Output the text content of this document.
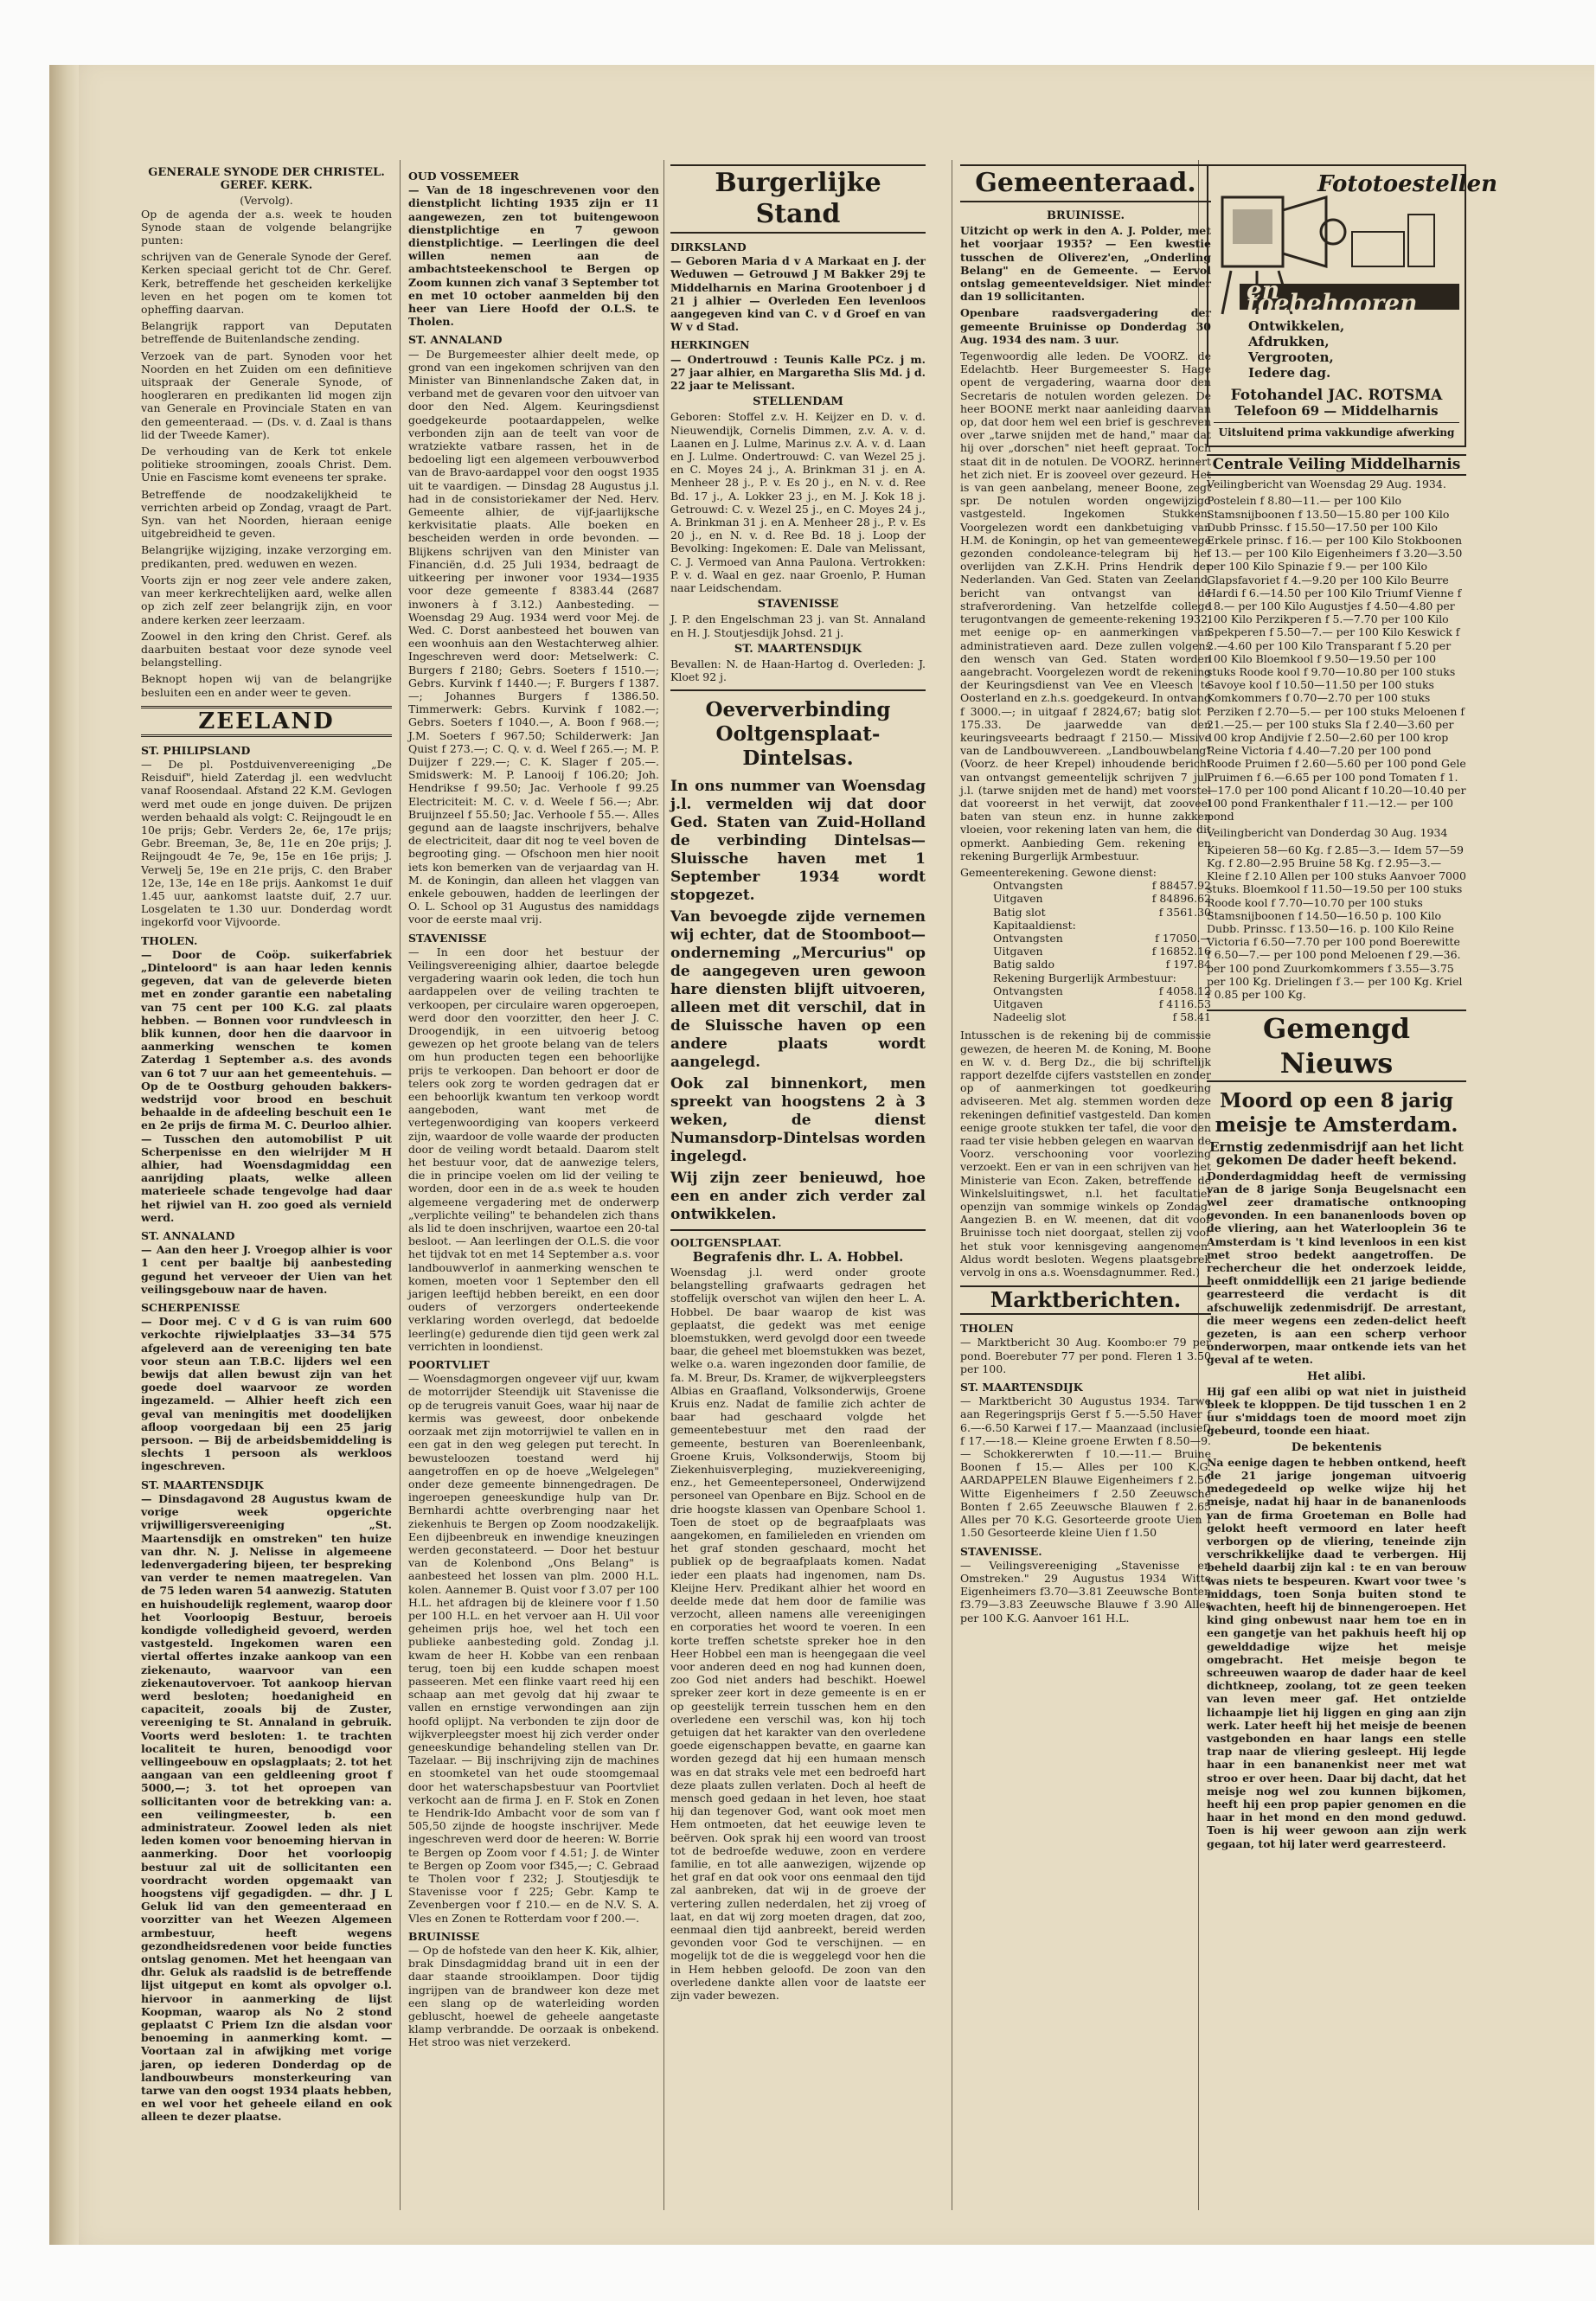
GENERALE SYNODE DER CHRISTEL. GEREF. KERK.
(Vervolg).

Op de agenda der a.s. week te houden Synode staan de volgende belangrijke punten:

schrijven van de Generale Synode der Geref. Kerken speciaal gericht tot de Chr. Geref. Kerk, betreffende het gescheiden kerkelijke leven en het pogen om te komen tot opheffing daarvan.

Belangrijk rapport van Deputaten betreffende de Buitenlandsche zending.

Verzoek van de part. Synoden voor het Noorden en het Zuiden om een definitieve uitspraak der Generale Synode, of hoogleraren en predikanten lid mogen zijn van Generale en Provinciale Staten en van den gemeenteraad. — (Ds. v. d. Zaal is thans lid der Tweede Kamer).

De verhouding van de Kerk tot enkele politieke stroomingen, zooals Christ. Dem. Unie en Fascisme komt eveneens ter sprake.

Betreffende de noodzakelijkheid te verrichten arbeid op Zondag, vraagt de Part. Syn. van het Noorden, hieraan eenige uitgebreidheid te geven.

Belangrijke wijziging, inzake verzorging em. predikanten, pred. weduwen en wezen.

Voorts zijn er nog zeer vele andere zaken, van meer kerkrechtelijken aard, welke allen op zich zelf zeer belangrijk zijn, en voor andere kerken zeer leerzaam.

Zoowel in den kring den Christ. Geref. als daarbuiten bestaat voor deze synode veel belangstelling.

Beknopt hopen wij van de belangrijke besluiten een en ander weer te geven.

ZEELAND
ST. PHILIPSLAND

— De pl. Postduivenvereeniging „De Reisduif", hield Zaterdag jl. een wedvlucht vanaf Roosendaal. Afstand 22 K.M. Gevlogen werd met oude en jonge duiven. De prijzen werden behaald als volgt: C. Reijngoudt le en 10e prijs; Gebr. Verders 2e, 6e, 17e prijs; Gebr. Breeman, 3e, 8e, 11e en 20e prijs; J. Reijngoudt 4e 7e, 9e, 15e en 16e prijs; J. Verwelj 5e, 19e en 21e prijs, C. den Braber 12e, 13e, 14e en 18e prijs. Aankomst 1e duif 1.45 uur, aankomst laatste duif, 2.7 uur. Losgelaten te 1.30 uur. Donderdag wordt ingekorfd voor Vijvoorde.

THOLEN.

— Door de Coöp. suikerfabriek „Dinteloord" is aan haar leden kennis gegeven, dat van de geleverde bieten met en zonder garantie een nabetaling van 75 cent per 100 K.G. zal plaats hebben. — Bonnen voor rundvleesch in blik kunnen, door hen die daarvoor in aanmerking wenschen te komen Zaterdag 1 September a.s. des avonds van 6 tot 7 uur aan het gemeentehuis. — Op de te Oostburg gehouden bakkers-wedstrijd voor brood en beschuit behaalde in de afdeeling beschuit een 1e en 2e prijs de firma M. C. Deurloo alhier. — Tusschen den automobilist P uit Scherpenisse en den wielrijder M H alhier, had Woensdagmiddag een aanrijding plaats, welke alleen materieele schade tengevolge had daar het rijwiel van H. zoo goed als vernield werd.

ST. ANNALAND

— Aan den heer J. Vroegop alhier is voor 1 cent per baaltje bij aanbesteding gegund het verveoer der Uien van het veilingsgebouw naar de haven.

SCHERPENISSE

— Door mej. C v d G is van ruim 600 verkochte rijwielplaatjes 33—34 575 afgeleverd aan de vereeniging ten bate voor steun aan T.B.C. lijders wel een bewijs dat allen bewust zijn van het goede doel waarvoor ze worden ingezameld. — Alhier heeft zich een geval van meningitis met doodelijken afloop voorgedaan bij een 25 jarig persoon. — Bij de arbeidsbemiddeling is slechts 1 persoon als werkloos ingeschreven.

ST. MAARTENSDIJK

— Dinsdagavond 28 Augustus kwam de vorige week opgerichte vrijwilligersvereeniging „St. Maartensdijk en omstreken" ten huize van dhr. N. J. Nelisse in algemeene ledenvergadering bijeen, ter bespreking van verder te nemen maatregelen. Van de 75 leden waren 54 aanwezig. Statuten en huishoudelijk reglement, waarop door het Voorloopig Bestuur, beroeis kondigde volledigheid gevoerd, werden vastgesteld. Ingekomen waren een viertal offertes inzake aankoop van een ziekenauto, waarvoor van een ziekenautovervoer. Tot aankoop hiervan werd besloten; hoedanigheid en capaciteit, zooals bij de Zuster, vereeniging te St. Annaland in gebruik. Voorts werd besloten: 1. te trachten localiteit te huren, benoodigd voor vellingeebouw en opslagplaats; 2. tot het aangaan van een geldleening groot f 5000,—; 3. tot het oproepen van sollicitanten voor de betrekking van: a. een veilingmeester, b. een administrateur. Zoowel leden als niet leden komen voor benoeming hiervan in aanmerking. Door het voorloopig bestuur zal uit de sollicitanten een voordracht worden opgemaakt van hoogstens vijf gegadigden. — dhr. J L Geluk lid van den gemeenteraad en voorzitter van het Weezen Algemeen armbestuur, heeft wegens gezondheidsredenen voor beide functies ontslag genomen. Met het heengaan van dhr. Geluk als raadslid is de betreffende lijst uitgeput en komt als opvolger o.l. hiervoor in aanmerking de lijst Koopman, waarop als No 2 stond geplaatst C Priem Izn die alsdan voor benoeming in aanmerking komt. — Voortaan zal in afwijking met vorige jaren, op iederen Donderdag op de landbouwbeurs monsterkeuring van tarwe van den oogst 1934 plaats hebben, en wel voor het geheele eiland en ook alleen te dezer plaatse.

OUD VOSSEMEER

— Van de 18 ingeschrevenen voor den dienstplicht lichting 1935 zijn er 11 aangewezen, zen tot buitengewoon dienstplichtige en 7 gewoon dienstplichtige. — Leerlingen die deel willen nemen aan de ambachtsteekenschool te Bergen op Zoom kunnen zich vanaf 3 September tot en met 10 october aanmelden bij den heer van Liere Hoofd der O.L.S. te Tholen.

ST. ANNALAND

— De Burgemeester alhier deelt mede, op grond van een ingekomen schrijven van den Minister van Binnenlandsche Zaken dat, in verband met de gevaren voor den uitvoer van door den Ned. Algem. Keuringsdienst goedgekeurde pootaardappelen, welke verbonden zijn aan de teelt van voor de wratziekte vatbare rassen, het in de bedoeling ligt een algemeen verbouwverbod van de Bravo-aardappel voor den oogst 1935 uit te vaardigen. — Dinsdag 28 Augustus j.l. had in de consistoriekamer der Ned. Herv. Gemeente alhier, de vijf-jaarlijksche kerkvisitatie plaats. Alle boeken en bescheiden werden in orde bevonden. — Blijkens schrijven van den Minister van Financiën, d.d. 25 Juli 1934, bedraagt de uitkeering per inwoner voor 1934—1935 voor deze gemeente f 8383.44 (2687 inwoners à f 3.12.) Aanbesteding. — Woensdag 29 Aug. 1934 werd voor Mej. de Wed. C. Dorst aanbesteed het bouwen van een woonhuis aan den Westachterweg alhier. Ingeschreven werd door: Metselwerk: C. Burgers f 2180; Gebrs. Soeters f 1510.—; Gebrs. Kurvink f 1440.—; F. Burgers f 1387.—; Johannes Burgers f 1386.50. Timmerwerk: Gebrs. Kurvink f 1082.—; Gebrs. Soeters f 1040.—, A. Boon f 968.—; J.M. Soeters f 967.50; Schilderwerk: Jan Quist f 273.—; C. Q. v. d. Weel f 265.—; M. P. Duijzer f 229.—; C. K. Slager f 205.—. Smidswerk: M. P. Lanooij f 106.20; Joh. Hendrikse f 99.50; Jac. Verhoole f 99.25 Electriciteit: M. C. v. d. Weele f 56.—; Abr. Bruijnzeel f 55.50; Jac. Verhoole f 55.—. Alles gegund aan de laagste inschrijvers, behalve de electriciteit, daar dit nog te veel boven de begrooting ging. — Ofschoon men hier nooit iets kon bemerken van de verjaardag van H. M. de Koningin, dan alleen het vlaggen van enkele gebouwen, hadden de leerlingen der O. L. School op 31 Augustus des namiddags voor de eerste maal vrij.

STAVENISSE

— In een door het bestuur der Veilingsvereeniging alhier, daartoe belegde vergadering waarin ook leden, die toch hun aardappelen over de veiling trachten te verkoopen, per circulaire waren opgeroepen, werd door den voorzitter, den heer J. C. Droogendijk, in een uitvoerig betoog gewezen op het groote belang van de telers om hun producten tegen een behoorlijke prijs te verkoopen. Dan behoort er door de telers ook zorg te worden gedragen dat er een behoorlijk kwantum ten verkoop wordt aangeboden, want met de vertegenwoordiging van koopers verkeerd zijn, waardoor de volle waarde der producten door de veiling wordt betaald. Daarom stelt het bestuur voor, dat de aanwezige telers, die in principe voelen om lid der veiling te worden, door een in de a.s week te houden algemeene vergadering met de onderwerp „verplichte veiling" te behandelen zich thans als lid te doen inschrijven, waartoe een 20-tal besloot. — Aan leerlingen der O.L.S. die voor het tijdvak tot en met 14 September a.s. voor landbouwverlof in aanmerking wenschen te komen, moeten voor 1 September den ell jarigen leeftijd hebben bereikt, en een door ouders of verzorgers onderteekende verklaring worden overlegd, dat bedoelde leerling(e) gedurende dien tijd geen werk zal verrichten in loondienst.

POORTVLIET

— Woensdagmorgen ongeveer vijf uur, kwam de motorrijder Steendijk uit Stavenisse die op de terugreis vanuit Goes, waar hij naar de kermis was geweest, door onbekende oorzaak met zijn motorrijwiel te vallen en in een gat in den weg gelegen put terecht. In bewusteloozen toestand werd hij aangetroffen en op de hoeve „Welgelegen" onder deze gemeente binnengedragen. De ingeroepen geneeskundige hulp van Dr. Bernhardi achtte overbrenging naar het ziekenhuis te Bergen op Zoom noodzakelijk. Een dijbeenbreuk en inwendige kneuzingen werden geconstateerd. — Door het bestuur van de Kolenbond „Ons Belang" is aanbesteed het lossen van plm. 2000 H.L. kolen. Aannemer B. Quist voor f 3.07 per 100 H.L. het afdragen bij de kleinere voor f 1.50 per 100 H.L. en het vervoer aan H. Uil voor geheimen prijs hoe, wel het toch een publieke aanbesteding gold. Zondag j.l. kwam de heer H. Kobbe van een renbaan terug, toen bij een kudde schapen moest passeeren. Met een flinke vaart reed hij een schaap aan met gevolg dat hij zwaar te vallen en ernstige verwondingen aan zijn hoofd oplijpt. Na verbonden te zijn door de wijkverpleegster moest hij zich verder onder geneeskundige behandeling stellen van Dr. Tazelaar. — Bij inschrijving zijn de machines en stoomketel van het oude stoomgemaal door het waterschapsbestuur van Poortvliet verkocht aan de firma J. en F. Stok en Zonen te Hendrik-Ido Ambacht voor de som van f 505,50 zijnde de hoogste inschrijver. Mede ingeschreven werd door de heeren: W. Borrie te Bergen op Zoom voor f 4.51; J. de Winter te Bergen op Zoom voor f345,—; C. Gebraad te Tholen voor f 232; J. Stoutjesdijk te Stavenisse voor f 225; Gebr. Kamp te Zevenbergen voor f 210.— en de N.V. S. A. Vles en Zonen te Rotterdam voor f 200.—.

BRUINISSE

— Op de hofstede van den heer K. Kik, alhier, brak Dinsdagmiddag brand uit in een der daar staande strooiklampen. Door tijdig ingrijpen van de brandweer kon deze met een slang op de waterleiding worden gebluscht, hoewel de geheele aangetaste klamp verbrandde. De oorzaak is onbekend. Het stroo was niet verzekerd.

Burgerlijke Stand
DIRKSLAND

— Geboren Maria d v A Markaat en J. der Weduwen — Getrouwd J M Bakker 29j te Middelharnis en Marina Grootenboer j d 21 j alhier — Overleden Een levenloos aangegeven kind van C. v d Groef en van W v d Stad.

HERKINGEN

— Ondertrouwd : Teunis Kalle PCz. j m. 27 jaar alhier, en Margaretha Slis Md. j d. 22 jaar te Melissant.

STELLENDAM

Geboren: Stoffel z.v. H. Keijzer en D. v. d. Nieuwendijk, Cornelis Dimmen, z.v. A. v. d. Laanen en J. Lulme, Marinus z.v. A. v. d. Laan en J. Lulme. Ondertrouwd: C. van Wezel 25 j. en C. Moyes 24 j., A. Brinkman 31 j. en A. Menheer 28 j., P. v. Es 20 j., en N. v. d. Ree Bd. 17 j., A. Lokker 23 j., en M. J. Kok 18 j. Getrouwd: C. v. Wezel 25 j., en C. Moyes 24 j., A. Brinkman 31 j. en A. Menheer 28 j., P. v. Es 20 j., en N. v. d. Ree Bd. 18 j. Loop der Bevolking: Ingekomen: E. Dale van Melissant, C. J. Vermoed van Anna Paulona. Vertrokken: P. v. d. Waal en gez. naar Groenlo, P. Human naar Leidschendam.

STAVENISSE

J. P. den Engelschman 23 j. van St. Annaland en H. J. Stoutjesdijk Johsd. 21 j.

ST. MAARTENSDIJK

Bevallen: N. de Haan-Hartog d. Overleden: J. Kloet 92 j.

Oeververbinding Ooltgensplaat-Dintelsas.

In ons nummer van Woensdag j.l. vermelden wij dat door Ged. Staten van Zuid-Holland de verbinding Dintelsas—Sluissche haven met 1 September 1934 wordt stopgezet.

Van bevoegde zijde vernemen wij echter, dat de Stoomboot—onderneming „Mercurius" op de aangegeven uren gewoon hare diensten blijft uitvoeren, alleen met dit verschil, dat in de Sluissche haven op een andere plaats wordt aangelegd.

Ook zal binnenkort, men spreekt van hoogstens 2 à 3 weken, de dienst Numansdorp-Dintelsas worden ingelegd.

Wij zijn zeer benieuwd, hoe een en ander zich verder zal ontwikkelen.

OOLTGENSPLAAT.
Begrafenis dhr. L. A. Hobbel.

Woensdag j.l. werd onder groote belangstelling grafwaarts gedragen het stoffelijk overschot van wijlen den heer L. A. Hobbel. De baar waarop de kist was geplaatst, die gedekt was met eenige bloemstukken, werd gevolgd door een tweede baar, die geheel met bloemstukken was bezet, welke o.a. waren ingezonden door familie, de fa. M. Breur, Ds. Kramer, de wijkverpleegsters Albias en Graafland, Volksonderwijs, Groene Kruis enz. Nadat de familie zich achter de baar had geschaard volgde het gemeentebestuur met den raad der gemeente, besturen van Boerenleenbank, Groene Kruis, Volksonderwijs, Stoom bij Ziekenhuisverpleging, muziekvereeniging, enz., het Gemeentepersoneel, Onderwijzend personeel van Openbare en Bijz. School en de drie hoogste klassen van Openbare School 1. Toen de stoet op de begraafplaats was aangekomen, en familieleden en vrienden om het graf stonden geschaard, mocht het publiek op de begraafplaats komen. Nadat ieder een plaats had ingenomen, nam Ds. Kleijne Herv. Predikant alhier het woord en deelde mede dat hem door de familie was verzocht, alleen namens alle vereenigingen en corporaties het woord te voeren. In een korte treffen schetste spreker hoe in den Heer Hobbel een man is heengegaan die veel voor anderen deed en nog had kunnen doen, zoo God niet anders had beschikt. Hoewel spreker zeer kort in deze gemeente is en er op geestelijk terrein tusschen hem en den overledene een verschil was, kon hij toch getuigen dat het karakter van den overledene goede eigenschappen bevatte, en gaarne kan worden gezegd dat hij een humaan mensch was en dat straks vele met een bedroefd hart deze plaats zullen verlaten. Doch al heeft de mensch goed gedaan in het leven, hoe staat hij dan tegenover God, want ook moet men Hem ontmoeten, dat het eeuwige leven te beërven. Ook sprak hij een woord van troost tot de bedroefde weduwe, zoon en verdere familie, en tot alle aanwezigen, wijzende op het graf en dat ook voor ons eenmaal den tijd zal aanbreken, dat wij in de groeve der vertering zullen nederdalen, het zij vroeg of laat, en dat wij zorg moeten dragen, dat zoo, eenmaal dien tijd aanbreekt, bereid werden gevonden voor God te verschijnen. — en mogelijk tot de die is weggelegd voor hen die in Hem hebben geloofd. De zoon van den overledene dankte allen voor de laatste eer zijn vader bewezen.

Gemeenteraad.
BRUINISSE.

Uitzicht op werk in den A. J. Polder, met het voorjaar 1935? — Een kwestie tusschen de Oliverez'en, „Onderling Belang" en de Gemeente. — Eervol ontslag gemeenteveldsiger. Niet minder dan 19 sollicitanten.

Openbare raadsvergadering der gemeente Bruinisse op Donderdag 30 Aug. 1934 des nam. 3 uur.

Tegenwoordig alle leden. De VOORZ. de Edelachtb. Heer Burgemeester S. Hage opent de vergadering, waarna door den Secretaris de notulen worden gelezen. De heer BOONE merkt naar aanleiding daarvan op, dat door hem wel een brief is geschreven over „tarwe snijden met de hand," maar dat hij over „dorschen" niet heeft gepraat. Toch staat dit in de notulen. De VOORZ. herinnert het zich niet. Er is zooveel over gezeurd. Het is van geen aanbelang, meneer Boone, zegt spr. De notulen worden ongewijzigd vastgesteld. Ingekomen Stukken: Voorgelezen wordt een dankbetuiging van H.M. de Koningin, op het van gemeentewege gezonden condoleance-telegram bij het overlijden van Z.K.H. Prins Hendrik der Nederlanden. Van Ged. Staten van Zeeland, bericht van ontvangst van de strafverordening. Van hetzelfde college terugontvangen de gemeente-rekening 1932, met eenige op- en aanmerkingen van administratieven aard. Deze zullen volgens den wensch van Ged. Staten worden aangebracht. Voorgelezen wordt de rekening der Keuringsdienst van Vee en Vleesch te Oosterland en z.h.s. goedgekeurd. In ontvang f 3000.—; in uitgaaf f 2824,67; batig slot f 175.33. De jaarwedde van den keuringsveearts bedraagt f 2150.— Missive van de Landbouwvereen. „Landbouwbelang" (Voorz. de heer Krepel) inhoudende bericht van ontvangst gemeentelijk schrijven 7 juli j.l. (tarwe snijden met de hand) met voorstel dat vooreerst in het verwijt, dat zooveel baten van steun enz. in hunne zakken vloeien, voor rekening laten van hem, die dit opmerkt. Aanbieding Gem. rekening en rekening Burgerlijk Armbestuur.

Gemeenterekening. Gewone dienst:
Ontvangsten	f 88457.92
Uitgaven	f 84896.62
Batig slot	f 3561.30
Kapitaaldienst:
Ontvangsten	f 17050.—
Uitgaven	f 16852.16
Batig saldo	f 197.84
Rekening Burgerlijk Armbestuur:
Ontvangsten	f 4058.12
Uitgaven	f 4116.53
Nadeelig slot	f 58.41

Intusschen is de rekening bij de commissie gewezen, de heeren M. de Koning, M. Boone en W. v. d. Berg Dz., die bij schriftelijk rapport dezelfde cijfers vaststellen en zonder op of aanmerkingen tot goedkeuring adviseeren. Met alg. stemmen worden deze rekeningen definitief vastgesteld. Dan komen eenige groote stukken ter tafel, die voor den raad ter visie hebben gelegen en waarvan de Voorz. verschooning voor voorlezing verzoekt. Een er van in een schrijven van het Ministerie van Econ. Zaken, betreffende de Winkelsluitingswet, n.l. het facultatief openzijn van sommige winkels op Zondag. Aangezien B. en W. meenen, dat dit voor Bruinisse toch niet doorgaat, stellen zij voor het stuk voor kennisgeving aangenomen. Aldus wordt besloten. Wegens plaatsgebrek vervolg in ons a.s. Woensdagnummer. Red.)

Marktberichten.
THOLEN

— Marktbericht 30 Aug. Koombo:er 79 per pond. Boerebuter 77 per pond. Fleren 1 3.50 per 100.

ST. MAARTENSDIJK

— Marktbericht 30 Augustus 1934. Tarwe aan Regeringsprijs Gerst f 5.—-5.50 Haver f 6.—-6.50 Karwei f 17.— Maanzaad (inclusief) f 17.—-18.— Kleine groene Erwten f 8.50—9.— Schokkererwten f 10.—-11.— Bruine Boonen f 15.— Alles per 100 K.G. AARDAPPELEN Blauwe Eigenheimers f 2.50 Witte Eigenheimers f 2.50 Zeeuwsche Bonten f 2.65 Zeeuwsche Blauwen f 2.65 Alles per 70 K.G. Gesorteerde groote Uien f 1.50 Gesorteerde kleine Uien f 1.50

STAVENISSE.

— Veilingsvereeniging „Stavenisse en Omstreken." 29 Augustus 1934 Witte Eigenheimers f3.70—3.81 Zeeuwsche Bonten f3.79—3.83 Zeeuwsche Blauwe f 3.90 Alles per 100 K.G. Aanvoer 161 H.L.

Fototoestellen
en toebehooren
Ontwikkelen,
Afdrukken,
Vergrooten,
Iedere dag.
Fotohandel JAC. ROTSMA
Telefoon 69 — Middelharnis
Uitsluitend prima vakkundige afwerking
Centrale Veiling Middelharnis

Veilingbericht van Woensdag 29 Aug. 1934.

Postelein f 8.80—11.— per 100 Kilo Stamsnijboonen f 13.50—15.80 per 100 Kilo Dubb Prinssc. f 15.50—17.50 per 100 Kilo Erkele prinsc. f 16.— per 100 Kilo Stokboonen f 13.— per 100 Kilo Eigenheimers f 3.20—3.50 per 100 Kilo Spinazie f 9.— per 100 Kilo Glapsfavoriet f 4.—9.20 per 100 Kilo Beurre Hardi f 6.—14.50 per 100 Kilo Triumf Vienne f 18.— per 100 Kilo Augustjes f 4.50—4.80 per 100 Kilo Perzikperen f 5.—7.70 per 100 Kilo Spekperen f 5.50—7.— per 100 Kilo Keswick f 2.—4.60 per 100 Kilo Transparant f 5.20 per 100 Kilo Bloemkool f 9.50—19.50 per 100 stuks Roode kool f 9.70—10.80 per 100 stuks Savoye kool f 10.50—11.50 per 100 stuks Komkommers f 0.70—2.70 per 100 stuks Perziken f 2.70—5.— per 100 stuks Meloenen f 21.—25.— per 100 stuks Sla f 2.40—3.60 per 100 krop Andijvie f 2.50—2.60 per 100 krop Reine Victoria f 4.40—7.20 per 100 pond Roode Pruimen f 2.60—5.60 per 100 pond Gele Pruimen f 6.—6.65 per 100 pond Tomaten f 1.—17.0 per 100 pond Alicant f 10.20—10.40 per 100 pond Frankenthaler f 11.—12.— per 100 pond

Veilingbericht van Donderdag 30 Aug. 1934

Kipeieren 58—60 Kg. f 2.85—3.— Idem 57—59 Kg. f 2.80—2.95 Bruine 58 Kg. f 2.95—3.— Kleine f 2.10 Allen per 100 stuks Aanvoer 7000 stuks. Bloemkool f 11.50—19.50 per 100 stuks Roode kool f 7.70—10.70 per 100 stuks Stamsnijboonen f 14.50—16.50 p. 100 Kilo Dubb. Prinssc. f 13.50—16. p. 100 Kilo Reine Victoria f 6.50—7.70 per 100 pond Boerewitte f 6.50—7.— per 100 pond Meloenen f 29.—36. per 100 pond Zuurkomkommers f 3.55—3.75 per 100 Kg. Drielingen f 3.— per 100 Kg. Kriel f 0.85 per 100 Kg.

Gemengd Nieuws
Moord op een 8 jarig meisje te Amsterdam.
Ernstig zedenmisdrijf aan het licht gekomen De dader heeft bekend.

Donderdagmiddag heeft de vermissing van de 8 jarige Sonja Beugelsnacht een wel zeer dramatische ontknooping gevonden. In een bananenloods boven op de vliering, aan het Waterlooplein 36 te Amsterdam is 't kind levenloos in een kist met stroo bedekt aangetroffen. De rechercheur die het onderzoek leidde, heeft onmiddellijk een 21 jarige bediende gearresteerd die verdacht is dit afschuwelijk zedenmisdrijf. De arrestant, die meer wegens een zeden-delict heeft gezeten, is aan een scherp verhoor onderworpen, maar ontkende iets van het geval af te weten.

Het alibi.

Hij gaf een alibi op wat niet in juistheid bleek te klopppen. De tijd tusschen 1 en 2 uur s'middags toen de moord moet zijn gebeurd, toonde een hiaat.

De bekentenis

Na eenige dagen te hebben ontkend, heeft de 21 jarige jongeman uitvoerig medegedeeld op welke wijze hij het meisje, nadat hij haar in de bananenloods van de firma Groeteman en Bolle had gelokt heeft vermoord en later heeft verborgen op de vliering, teneinde zijn verschrikkelijke daad te verbergen. Hij beheld daarbij zijn kal : te en van berouw was niets te bespeuren. Kwart voor twee 's middags, toen Sonja buiten stond te wachten, heeft hij de binnengeroepen. Het kind ging onbewust naar hem toe en in een gangetje van het pakhuis heeft hij op gewelddadige wijze het meisje omgebracht. Het meisje begon te schreeuwen waarop de dader haar de keel dichtkneep, zoolang, tot ze geen teeken van leven meer gaf. Het ontzielde lichaampje liet hij liggen en ging aan zijn werk. Later heeft hij het meisje de beenen vastgebonden en haar langs een stelle trap naar de vliering gesleept. Hij legde haar in een bananenkist neer met wat stroo er over heen. Daar bij dacht, dat het meisje nog wel zou kunnen bijkomen, heeft hij een prop papier genomen en die haar in het mond en den mond geduwd. Toen is hij weer gewoon aan zijn werk gegaan, tot hij later werd gearresteerd.
